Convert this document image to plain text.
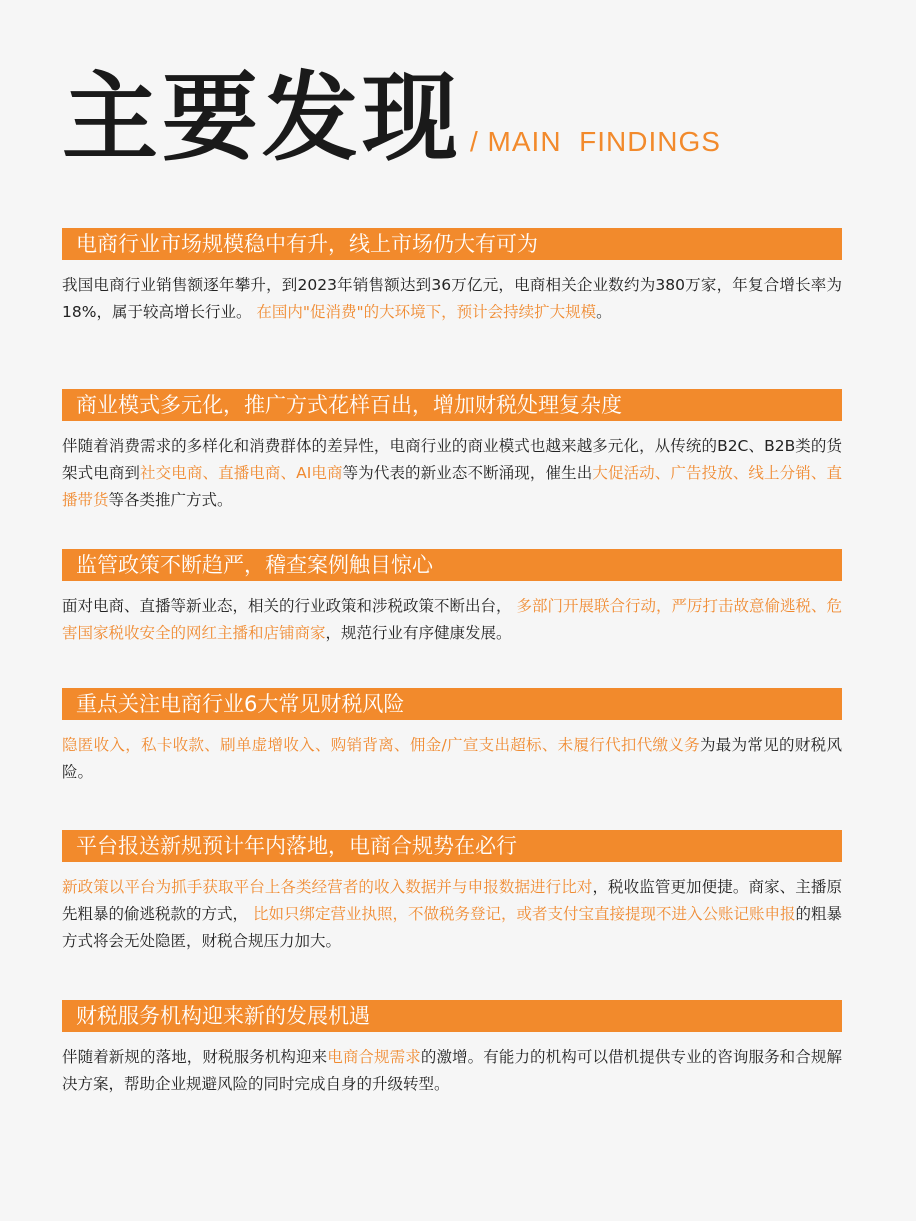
主要发现 / MAIN  FINDINGS
电商行业市场规模稳中有升，线上市场仍大有可为
我国电商行业销售额逐年攀升，到2023年销售额达到36万亿元，电商相关企业数约为380万家，年复合增长率为18%，属于较高增长行业。 在国内"促消费"的大环境下，预计会持续扩大规模。
商业模式多元化，推广方式花样百出，增加财税处理复杂度
伴随着消费需求的多样化和消费群体的差异性，电商行业的商业模式也越来越多元化，从传统的B2C、B2B类的货架式电商到社交电商、直播电商、AI电商等为代表的新业态不断涌现，催生出大促活动、广告投放、线上分销、直播带货等各类推广方式。
监管政策不断趋严，稽查案例触目惊心
面对电商、直播等新业态，相关的行业政策和涉税政策不断出台， 多部门开展联合行动，严厉打击故意偷逃税、危害国家税收安全的网红主播和店铺商家，规范行业有序健康发展。
重点关注电商行业6大常见财税风险
隐匿收入，私卡收款、刷单虚增收入、购销背离、佣金/广宣支出超标、未履行代扣代缴义务为最为常见的财税风险。
平台报送新规预计年内落地，电商合规势在必行
新政策以平台为抓手获取平台上各类经营者的收入数据并与申报数据进行比对，税收监管更加便捷。商家、主播原先粗暴的偷逃税款的方式， 比如只绑定营业执照，不做税务登记，或者支付宝直接提现不进入公账记账申报的粗暴方式将会无处隐匿，财税合规压力加大。
财税服务机构迎来新的发展机遇
伴随着新规的落地，财税服务机构迎来电商合规需求的激增。有能力的机构可以借机提供专业的咨询服务和合规解决方案，帮助企业规避风险的同时完成自身的升级转型。
